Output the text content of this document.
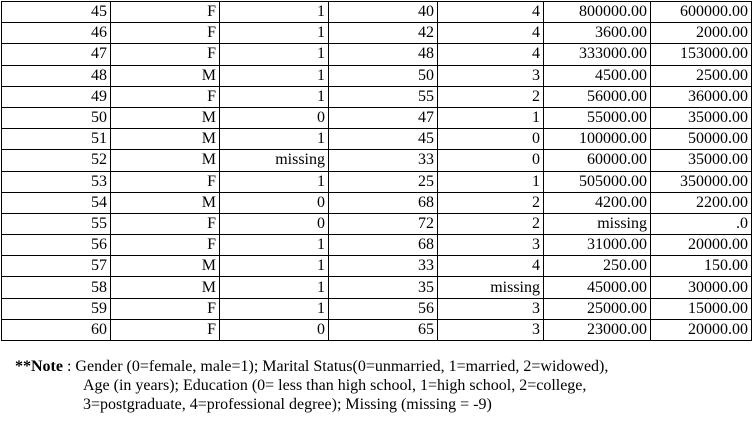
45	F	1	40	4	800000.00	600000.00
46	F	1	42	4	3600.00	2000.00
47	F	1	48	4	333000.00	153000.00
48	M	1	50	3	4500.00	2500.00
49	F	1	55	2	56000.00	36000.00
50	M	0	47	1	55000.00	35000.00
51	M	1	45	0	100000.00	50000.00
52	M	missing	33	0	60000.00	35000.00
53	F	1	25	1	505000.00	350000.00
54	M	0	68	2	4200.00	2200.00
55	F	0	72	2	missing	.0
56	F	1	68	3	31000.00	20000.00
57	M	1	33	4	250.00	150.00
58	M	1	35	missing	45000.00	30000.00
59	F	1	56	3	25000.00	15000.00
60	F	0	65	3	23000.00	20000.00
**Note : Gender (0=female, male=1); Marital Status(0=unmarried, 1=married, 2=widowed),
Age (in years); Education (0= less than high school, 1=high school, 2=college,
3=postgraduate, 4=professional degree); Missing (missing = -9)
